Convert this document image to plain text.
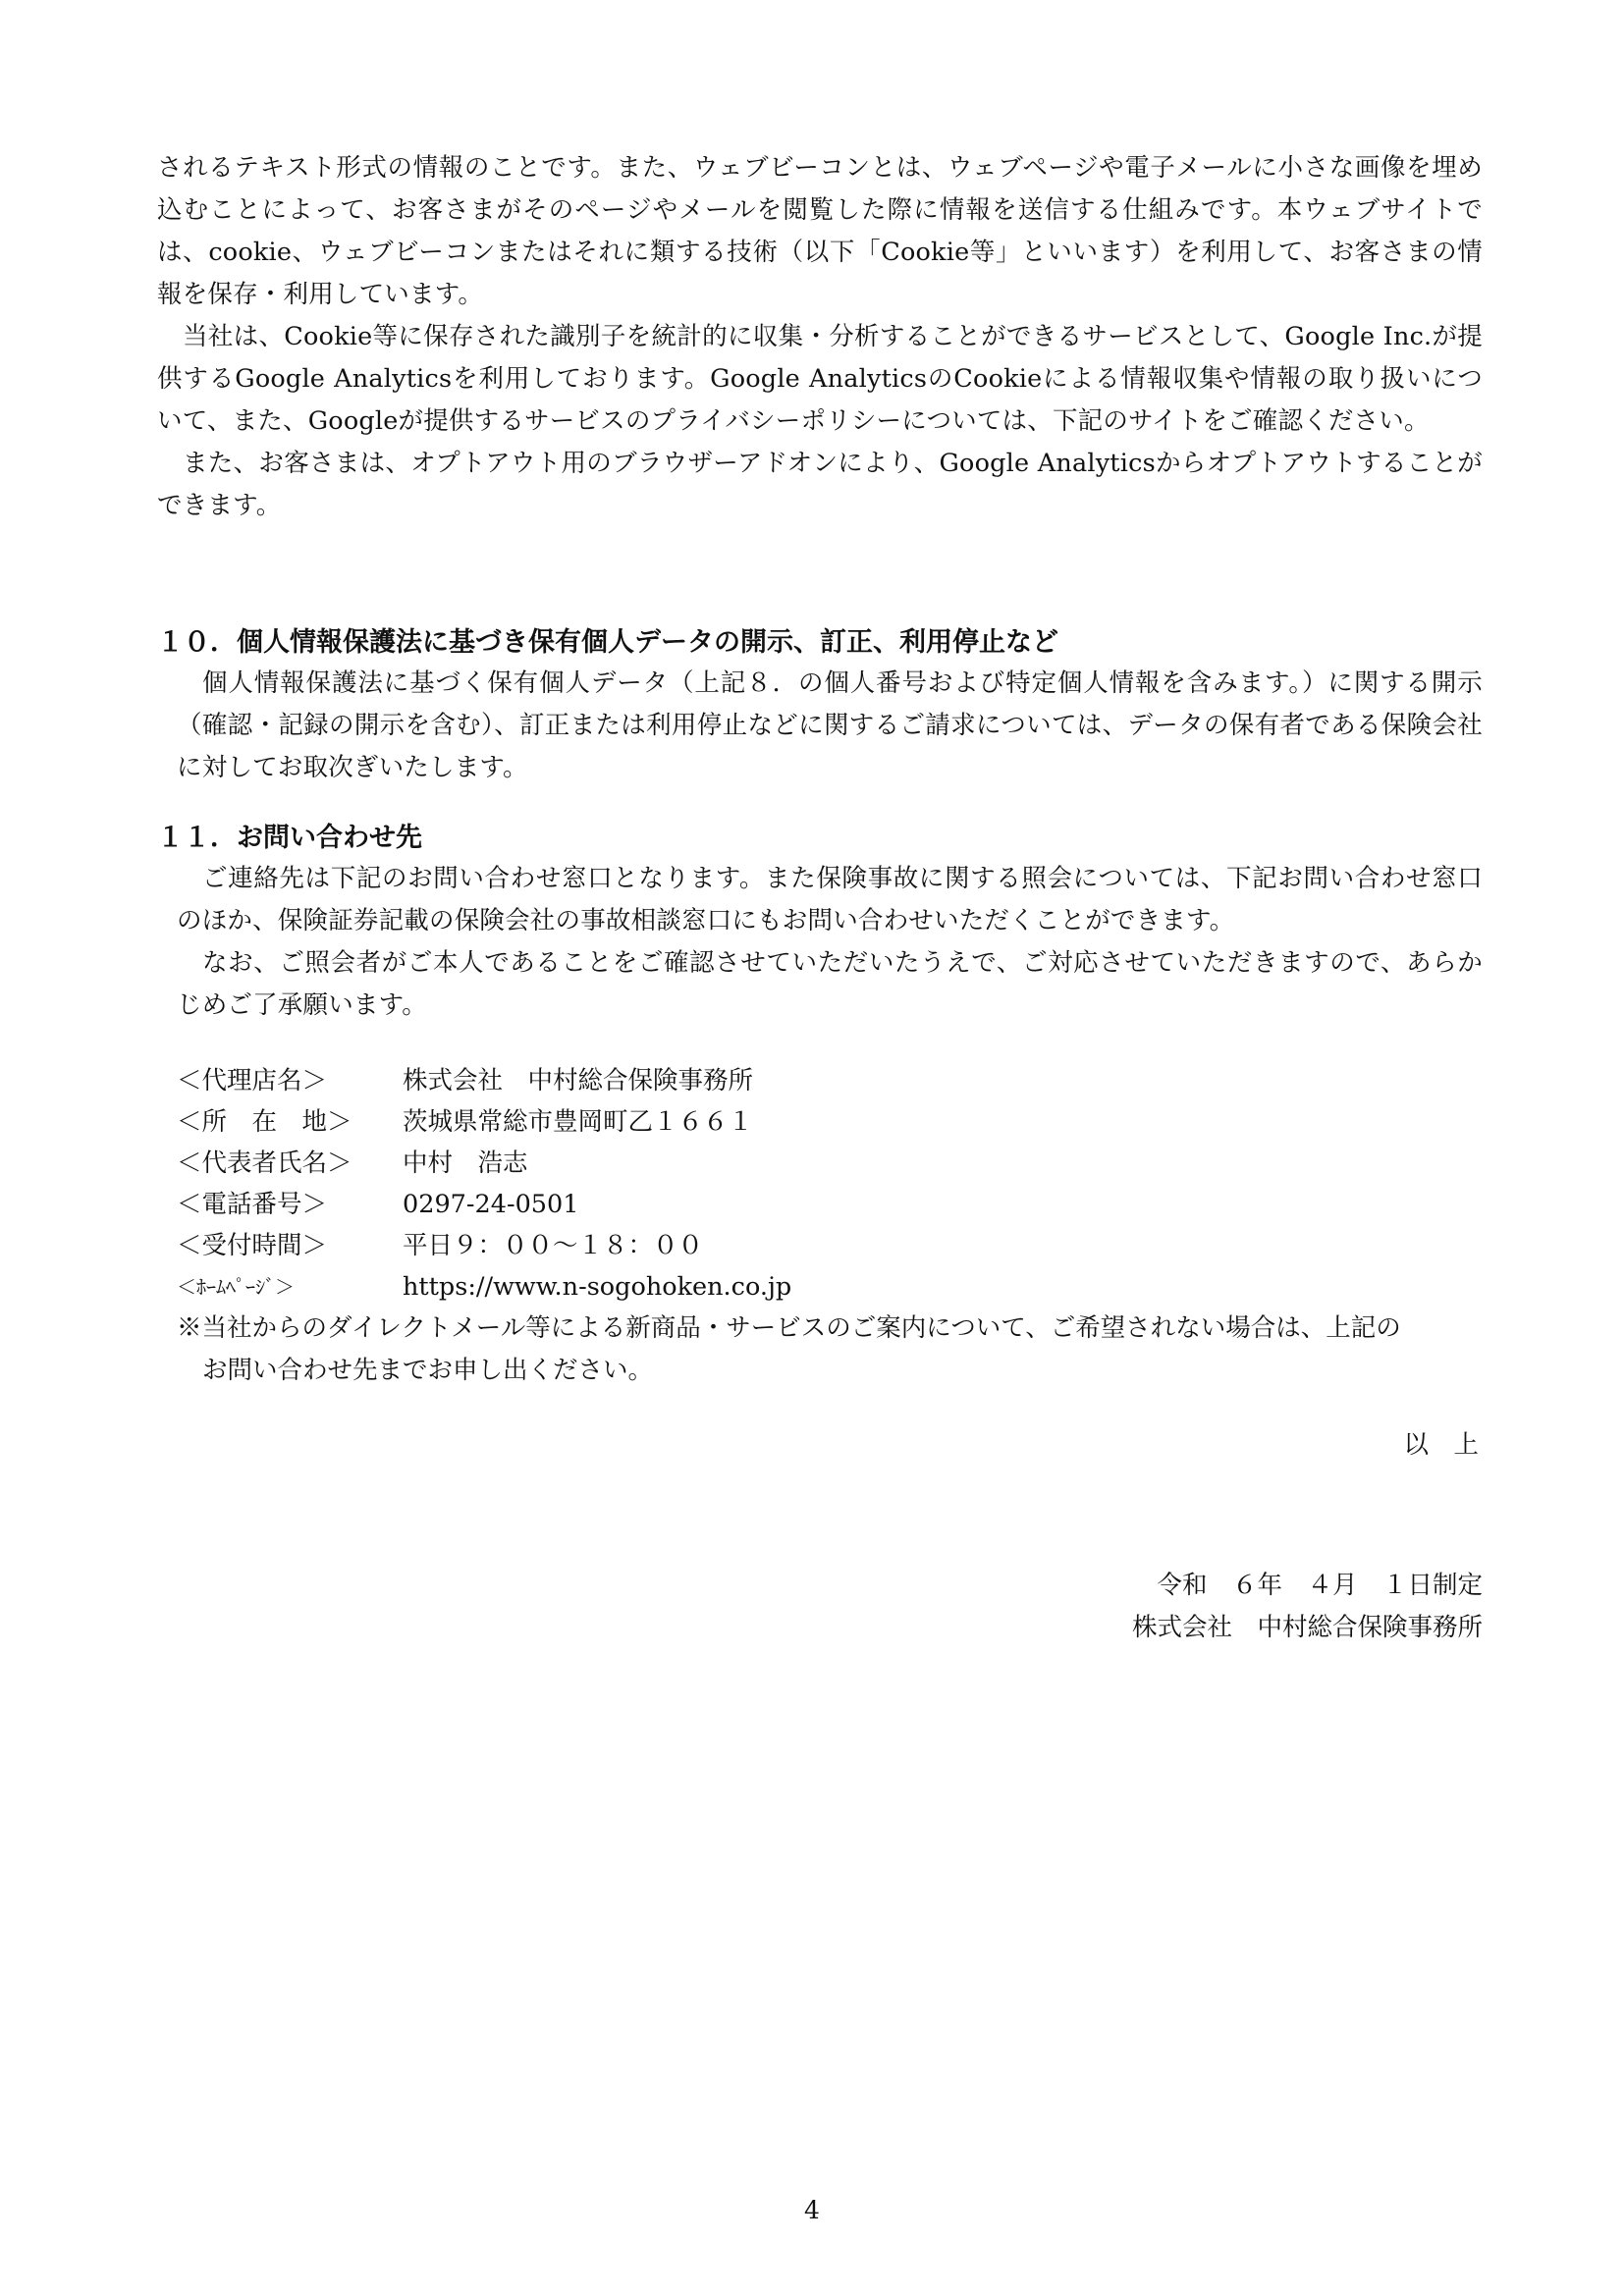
されるテキスト形式の情報のことです。また、ウェブビーコンとは、ウェブページや電子メールに小さな画像を埋め込むことによって、お客さまがそのページやメールを閲覧した際に情報を送信する仕組みです。本ウェブサイトでは、cookie、ウェブビーコンまたはそれに類する技術（以下「Cookie等」といいます）を利用して、お客さまの情報を保存・利用しています。

当社は、Cookie等に保存された識別子を統計的に収集・分析することができるサービスとして、Google Inc.が提供するGoogle Analyticsを利用しております。Google AnalyticsのCookieによる情報収集や情報の取り扱いについて、また、Googleが提供するサービスのプライバシーポリシーについては、下記のサイトをご確認ください。

また、お客さまは、オプトアウト用のブラウザーアドオンにより、Google Analyticsからオプトアウトすることができます。

１０．個人情報保護法に基づき保有個人データの開示、訂正、利用停止など

個人情報保護法に基づく保有個人データ（上記８．の個人番号および特定個人情報を含みます。）に関する開示（確認・記録の開示を含む）、訂正または利用停止などに関するご請求については、データの保有者である保険会社に対してお取次ぎいたします。

１１．お問い合わせ先

ご連絡先は下記のお問い合わせ窓口となります。また保険事故に関する照会については、下記お問い合わせ窓口のほか、保険証券記載の保険会社の事故相談窓口にもお問い合わせいただくことができます。

なお、ご照会者がご本人であることをご確認させていただいたうえで、ご対応させていただきますので、あらかじめご了承願います。

＜代理店名＞	株式会社　中村総合保険事務所
＜所　在　地＞	茨城県常総市豊岡町乙１６６１
＜代表者氏名＞	中村　浩志
＜電話番号＞	0297-24-0501
＜受付時間＞	平日９：００～１８：００
＜ﾎｰﾑﾍﾟｰｼﾞ＞	https://www.n-sogohoken.co.jp

※当社からのダイレクトメール等による新商品・サービスのご案内について、ご希望されない場合は、上記の

お問い合わせ先までお申し出ください。

以　上

令和　６年　４月　１日制定
株式会社　中村総合保険事務所
4
